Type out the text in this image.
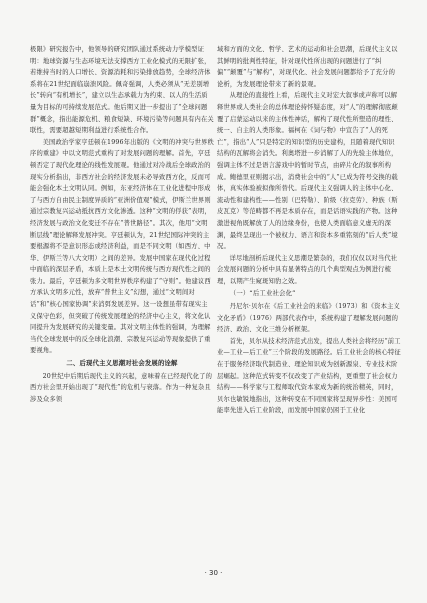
极限》研究报告中，他领导的研究团队通过系统动力学模型证明：地球资源与生态环境无法支撑西方工业化模式的无限扩张，若维持当时的人口增长、资源消耗和污染排放趋势，全球经济体系将在21世纪面临崩溃风险。佩奇强调，人类必须从“无差别增长”转向“有机增长”，建立以生态承载力为约束、以人的生活质量为目标的可持续发展范式。他后期又进一步提出了“全球问题群”概念，指出能源危机、粮食短缺、环境污染等问题具有内在关联性，需要超越短期利益进行系统性合作。

美国政治学家亨廷顿在1996年出版的《文明的冲突与世界秩序的重建》中以文明范式重构了对发展问题的理解。首先，亨廷顿否定了现代化理论的线性发展观。他通过对冷战后全球政治的现实分析指出，非西方社会的经济发展未必导致西方化，反而可能会强化本土文明认同。例如，东亚经济体在工业化进程中形成了与西方自由民主制度异质的“亚洲价值观”模式，伊斯兰世界则通过宗教复兴运动抵抗西方文化渗透。这种“文明的俘获”表明，经济发展与政治文化变迁不存在“普世路径”。其次，他用“文明断层线”理论解释发展冲突。亨廷顿认为，21世纪国际冲突的主要根源将不是意识形态或经济利益，而是不同文明（如西方、中华、伊斯兰等八大文明）之间的差异。发展中国家在现代化过程中面临的深层矛盾，本质上是本土文明传统与西方现代性之间的张力。最后，亨廷顿为多文明世界秩序构建了“守则”。他建议西方承认文明多元性，放弃“普世主义”幻想，通过“文明间对话”和“核心国家协调”来消弭发展差异。这一设想虽带有现实主义保守色彩，但突破了传统发展理论的经济中心主义，将文化认同提升为发展研究的关键变量。其对文明主体性的强调，为理解当代全球发展中的反全球化浪潮、宗教复兴运动等现象提供了重要视角。

二、后现代主义思潮对社会发展的诠解

20世纪中后期后现代主义的兴起，意味着在已经现代化了的西方社会里开始出现了“现代性”的危机与衰落。作为一种复杂且涉及众多领

域和方面的文化、哲学、艺术的运动和社会思潮，后现代主义以其鲜明的批判性特征，针对现代性所出现的问题进行了“纠偏”“颠覆”与“解构”，对现代化、社会发展问题都给予了充分的论析，为发展理论带来了新的景观。

从理论的直接性上看，后现代主义对宏大叙事或声称可以解释世界或人类社会的总体理论持怀疑态度，对“人”的理解彻底颠覆了启蒙运动以来的主体性神话，解构了现代性所塑造的理性、统一、自主的人类形象。福柯在《词与物》中宣告了“人的死亡”，指出“人”只是特定的知识型的历史建构，且随着现代知识结构的瓦解将会消失。利奥塔进一步消解了人的先验主体地位，强调主体不过是语言游戏中的暂时节点，由碎片化的叙事所构成。鲍德里亚则揭示出，消费社会中的“人”已成为符号交换的载体，真实体验被拟像所替代。后现代主义强调人的主体中心化、流动性和建构性——性别（巴特勒）、阶级（拉克劳）、种族（斯皮瓦克）等范畴都不再是本质存在，而是话语实践的产物。这种激进视角既解放了人的边缘身份，也使人类面临意义虚无的深渊，最终呈现出一个被权力、语言和资本多重铭刻的“后人类”境况。

详尽地剖析后现代主义思潮是繁杂的，我们仅仅以对当代社会发展问题的分析中具有显著特点的几个典型观点为例进行梳理，以期产生窥斑知豹之效。

（一）“后工业社会化”

丹尼尔·贝尔在《后工业社会的来临》（1973）和《资本主义文化矛盾》（1976）两部代表作中，系统构建了理解发展问题的经济、政治、文化三维分析框架。

首先，贝尔从技术经济范式出发，提出人类社会将经历“前工业—工业—后工业”三个阶段的发展路径。后工业社会的核心特征在于服务经济取代制造业、理论知识成为创新源泉、专业技术阶层崛起。这种范式转变不仅改变了产业结构，更重塑了社会权力结构——科学家与工程师取代资本家成为新的统治精英，同时，贝尔也敏锐地指出，这种转变在不同国家将呈现异步性：美国可能率先进入后工业阶段，而发展中国家仍困于工业化

· 30 ·
